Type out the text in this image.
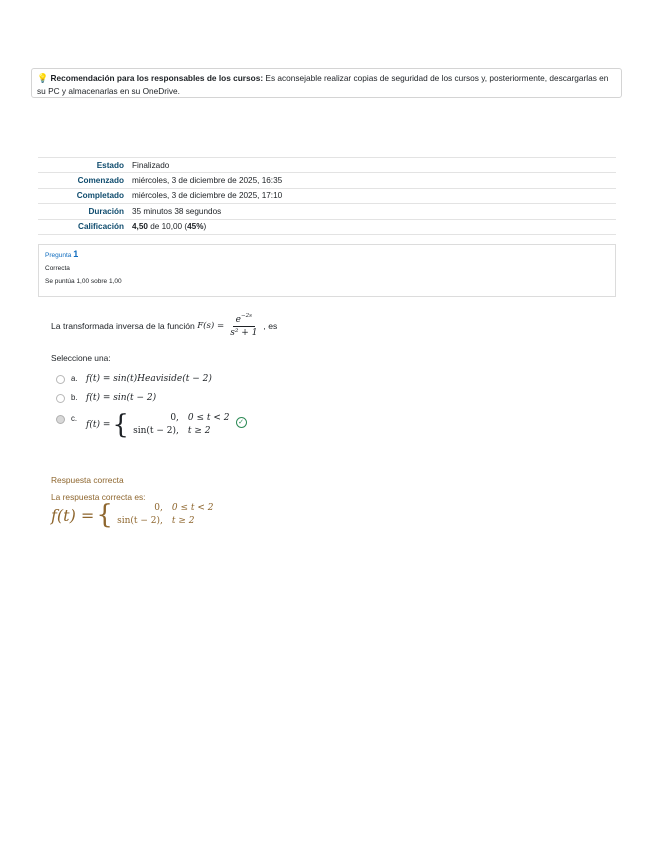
💡 Recomendación para los responsables de los cursos: Es aconsejable realizar copias de seguridad de los cursos y, posteriormente, descargarlas en su PC y almacenarlas en su OneDrive.
Estado	Finalizado
Comenzado	miércoles, 3 de diciembre de 2025, 16:35
Completado	miércoles, 3 de diciembre de 2025, 17:10
Duración	35 minutos 38 segundos
Calificación	4,50 de 10,00 (45%)
Pregunta 1
Correcta
Se puntúa 1,00 sobre 1,00
La transformada inversa de la función
$F(s) = \frac{e^{-2s}}{\text{s² + 1}}$ , es
Seleccione una:
a. f(t) = sin(t)Heaviside(t − 2)
b. f(t) = sin(t − 2)
c.
f(t) = {	0,	0 ≤ t < 2
sin(t − 2),	t ≥ 2
✓
Respuesta correcta
La respuesta correcta es:
f(t) = {	0,	0 ≤ t < 2
sin(t − 2),	t ≥ 2
